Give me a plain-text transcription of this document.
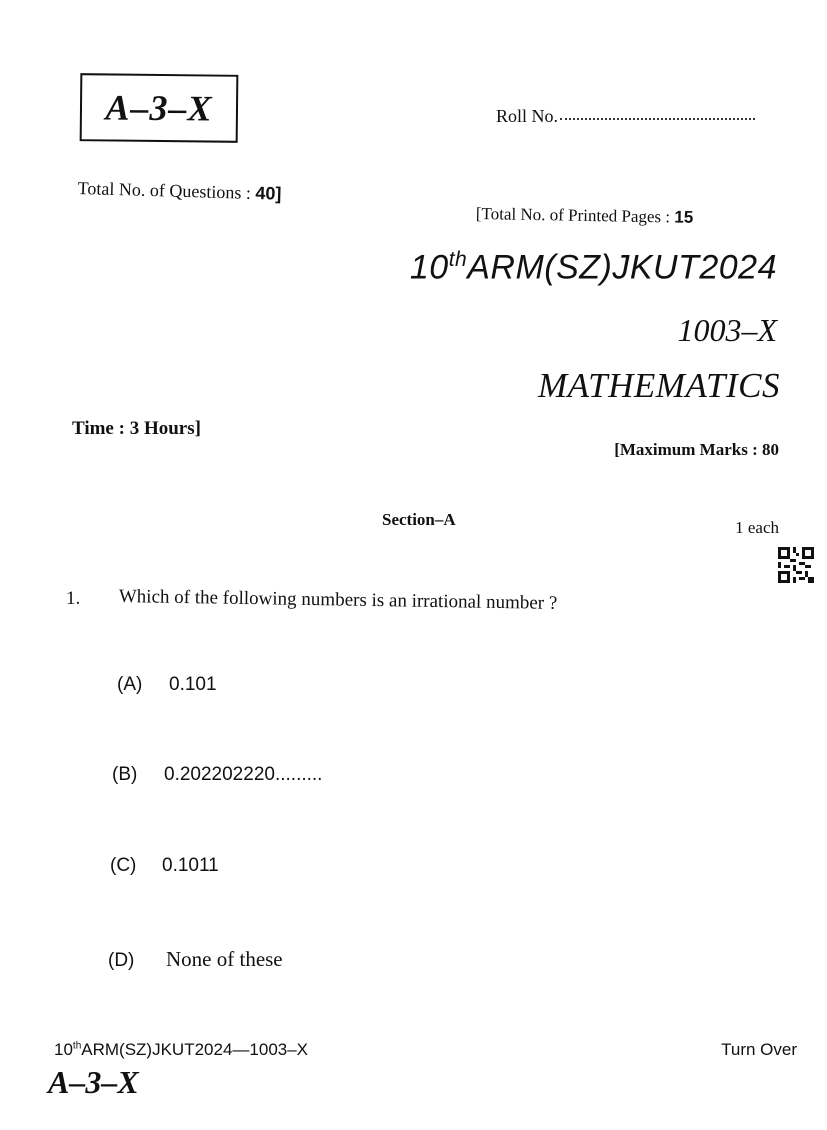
A–3–X	Roll No.
Total No. of Questions : 40]
[Total No. of Printed Pages : 15
10thARM(SZ)JKUT2024
1003–X
MATHEMATICS
Time : 3 Hours]
[Maximum Marks : 80
Section–A	1 each
1. Which of the following numbers is an irrational number ?
(A) 0.101
(B) 0.202202220.........
(C) 0.1011
(D) None of these
10thARM(SZ)JKUT2024—1003–X	Turn Over
A–3–X
